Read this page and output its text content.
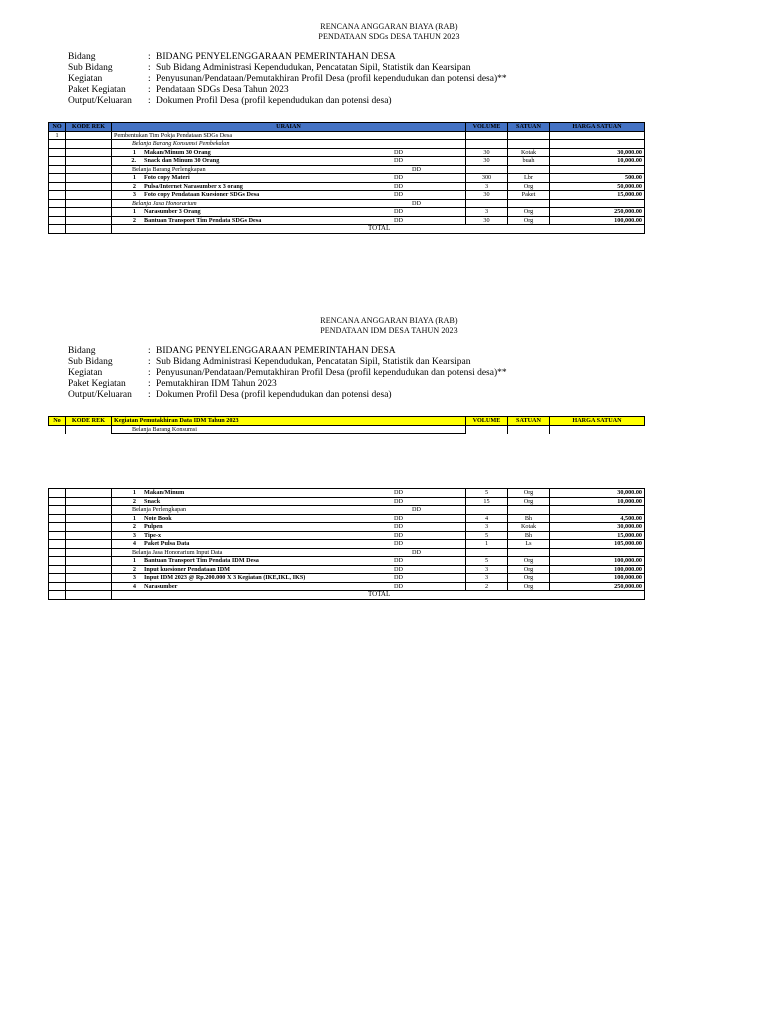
RENCANA ANGGARAN BIAYA (RAB)
PENDATAAN SDGs DESA TAHUN 2023
Bidang	: BIDANG PENYELENGGARAAN PEMERINTAHAN DESA
Sub Bidang	: Sub Bidang Administrasi Kependudukan, Pencatatan Sipil, Statistik dan Kearsipan
Kegiatan	: Penyusunan/Pendataan/Pemutakhiran Profil Desa (profil kependudukan dan potensi desa)**
Paket Kegiatan	: Pendataan SDGs Desa Tahun 2023
Output/Keluaran	: Dokumen Profil Desa (profil kependudukan dan potensi desa)
NO	KODE REK	URAIAN	VOLUME	SATUAN	HARGA SATUAN
1		Pembentukan Tim Pokja Pendataan SDGs Desa			

		Belanja Barang Konsumsi Pembekalan			

		1 Makan/Minum 30 Orang DD	30	Kotak	30,000.00

		2. Snack dan Minum 30 Orang DD	30	buah	10,000.00

		Belanja Barang Perlengkapan DD			

		1 Foto copy Materi DD	300	Lbr	500.00

		2 Pulsa/Internet Narasumber x 3 orang DD	3	Org	50,000.00

		3 Foto copy Pendataan Kuesioner SDGs Desa DD	30	Paket	15,000.00

		Belanja Jasa Honorarium DD			

		1 Narasumber 3 Orang DD	3	Org	250,000.00

		2 Bantuan Transport Tim Pendata SDGs Desa DD	30	Org	100,000.00
		TOTAL			
RENCANA ANGGARAN BIAYA (RAB)
PENDATAAN IDM DESA TAHUN 2023
Bidang	: BIDANG PENYELENGGARAAN PEMERINTAHAN DESA
Sub Bidang	: Sub Bidang Administrasi Kependudukan, Pencatatan Sipil, Statistik dan Kearsipan
Kegiatan	: Penyusunan/Pendataan/Pemutakhiran Profil Desa (profil kependudukan dan potensi desa)**
Paket Kegiatan	: Pemutakhiran IDM Tahun 2023
Output/Keluaran	: Dokumen Profil Desa (profil kependudukan dan potensi desa)
No	KODE REK	Kegiatan Pemutakhiran Data IDM Tahun 2023	VOLUME	SATUAN	HARGA SATUAN
		Belanja Barang Konsumsi			

		1 Makan/Minum DD	5	Org	30,000.00

		2 Snack DD	15	Org	10,000.00

		Belanja Perlengkapan DD			

		1 Note Book DD	4	Bh	4,500.00

		2 Pulpen DD	3	Kotak	30,000.00

		3 Tipe-x DD	5	Bh	15,000.00

		4 Paket Pulsa Data DD	1	Ls	105,000.00

		Belanja Jasa Honorarium Input Data DD			

		1 Bantuan Transport Tim Pendata IDM Desa DD	5	Org	100,000.00

		2 Input kuesioner Pendataan IDM DD	3	Org	100,000.00

		3 Input IDM 2023 @ Rp.200.000 X 3 Kegiatan (IKE,IKL, IKS) DD	3	Org	100,000.00

		4 Narasumber DD	2	Org	250,000.00
		TOTAL			
